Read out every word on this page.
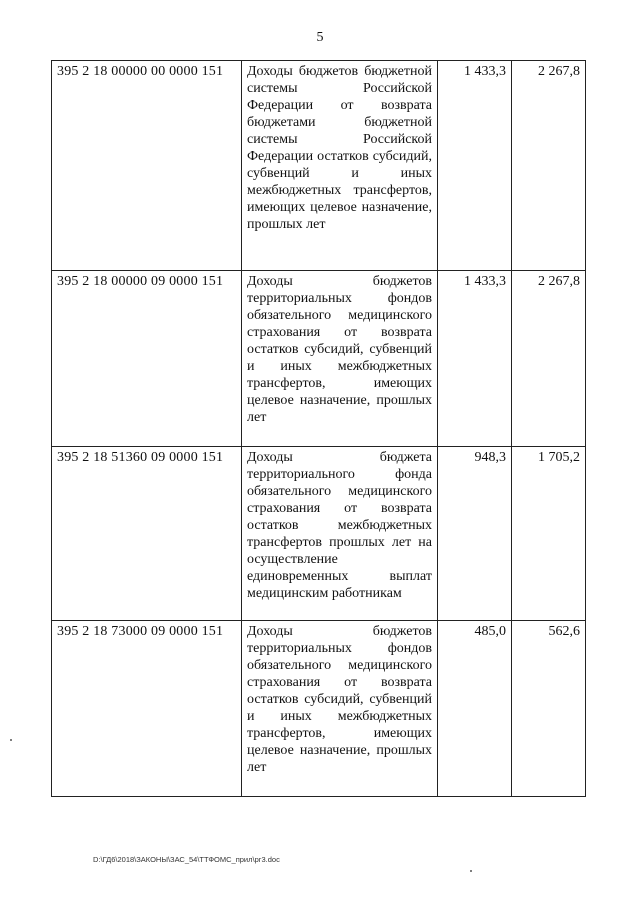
5
395 2 18 00000 00 0000 151	Доходы бюджетов бюджетной системы Российской Федерации от возврата бюджетами бюджетной системы Российской Федерации остатков субсидий, субвенций и иных межбюджетных трансфертов, имеющих целевое назначение, прошлых лет	1 433,3	2 267,8
395 2 18 00000 09 0000 151	Доходы бюджетов территориальных фондов обязательного медицинского страхования от возврата остатков субсидий, субвенций и иных межбюджетных трансфертов, имеющих целевое назначение, прошлых лет	1 433,3	2 267,8
395 2 18 51360 09 0000 151	Доходы бюджета территориального фонда обязательного медицинского страхования от возврата остатков межбюджетных трансфертов прошлых лет на осуществление единовременных выплат медицинским работникам	948,3	1 705,2
395 2 18 73000 09 0000 151	Доходы бюджетов территориальных фондов обязательного медицинского страхования от возврата остатков субсидий, субвенций и иных межбюджетных трансфертов, имеющих целевое назначение, прошлых лет	485,0	562,6
D:\ГД6\2018\ЗАКОНЫ\ЗАС_54\ТТФОМС_прил\рг3.doc
